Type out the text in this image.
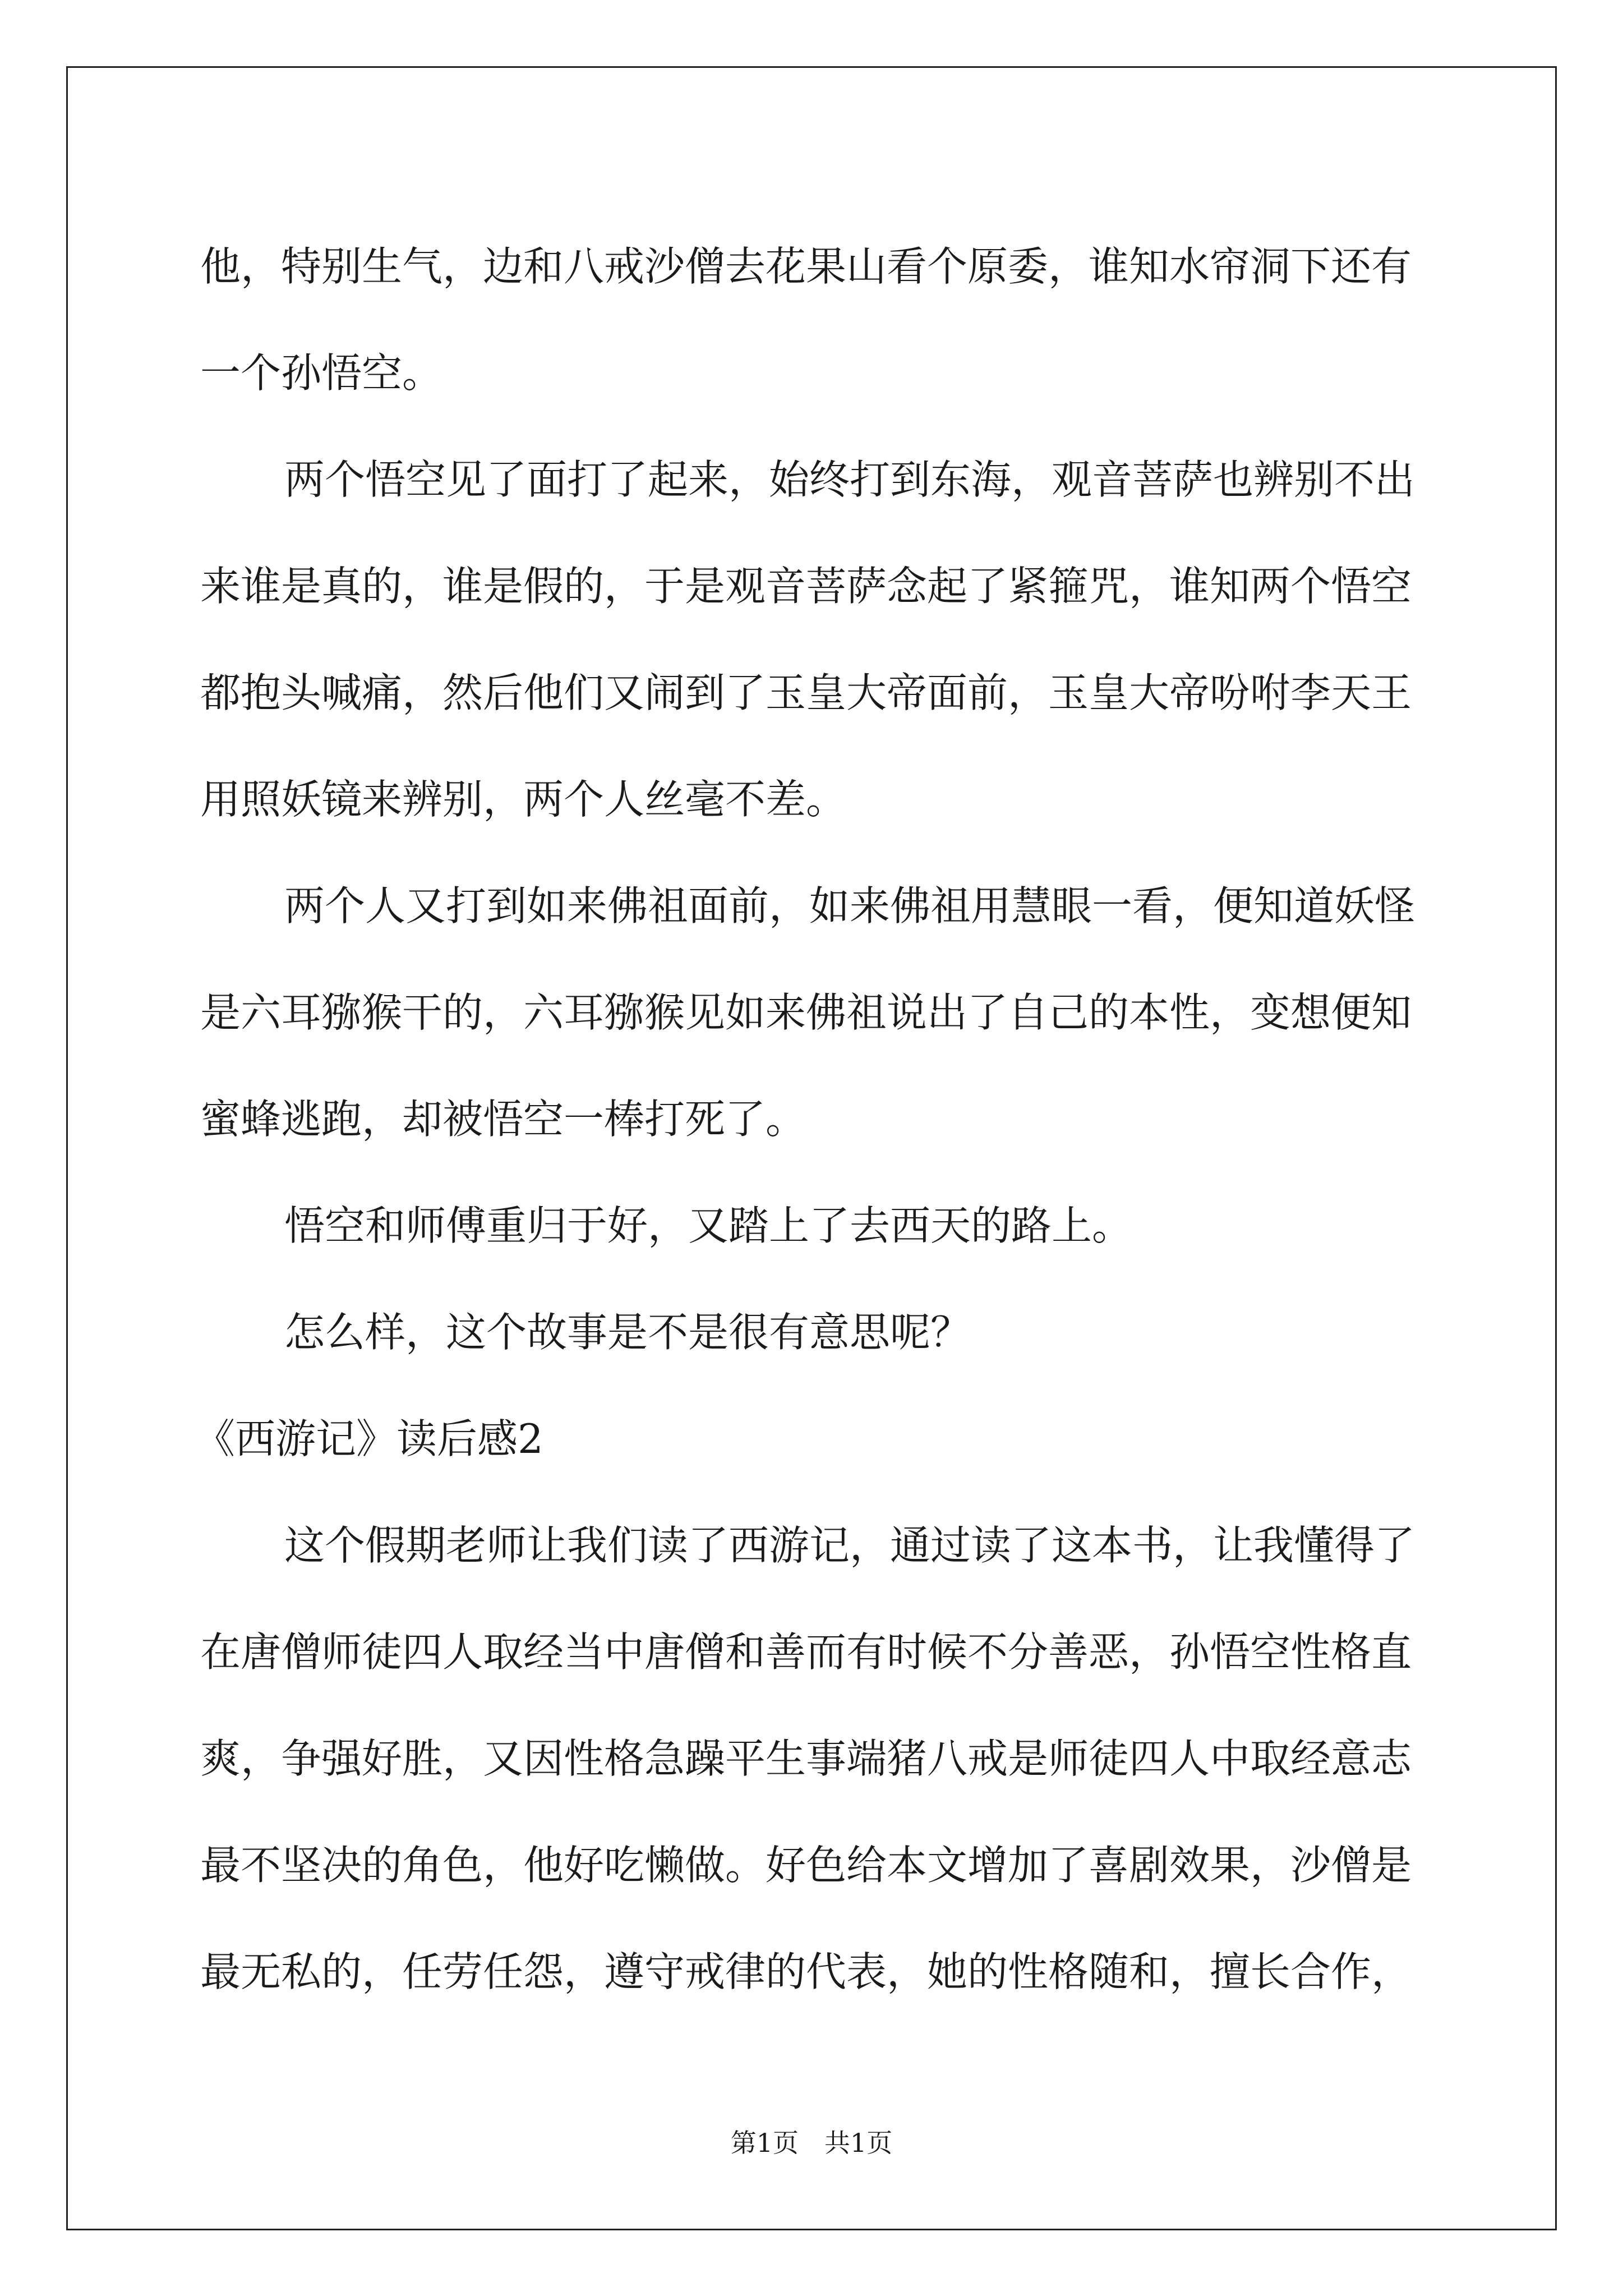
他，特别生气，边和八戒沙僧去花果山看个原委，谁知水帘洞下还有

一个孙悟空。

两个悟空见了面打了起来，始终打到东海，观音菩萨也辨别不出

来谁是真的，谁是假的，于是观音菩萨念起了紧箍咒，谁知两个悟空

都抱头喊痛，然后他们又闹到了玉皇大帝面前，玉皇大帝吩咐李天王

用照妖镜来辨别，两个人丝毫不差。

两个人又打到如来佛祖面前，如来佛祖用慧眼一看，便知道妖怪

是六耳猕猴干的，六耳猕猴见如来佛祖说出了自己的本性，变想便知

蜜蜂逃跑，却被悟空一棒打死了。

悟空和师傅重归于好，又踏上了去西天的路上。

怎么样，这个故事是不是很有意思呢？

《西游记》读后感2

这个假期老师让我们读了西游记，通过读了这本书，让我懂得了

在唐僧师徒四人取经当中唐僧和善而有时候不分善恶，孙悟空性格直

爽，争强好胜，又因性格急躁平生事端猪八戒是师徒四人中取经意志

最不坚决的角色，他好吃懒做。好色给本文增加了喜剧效果，沙僧是

最无私的，任劳任怨，遵守戒律的代表，她的性格随和，擅长合作，

第1页 共1页
